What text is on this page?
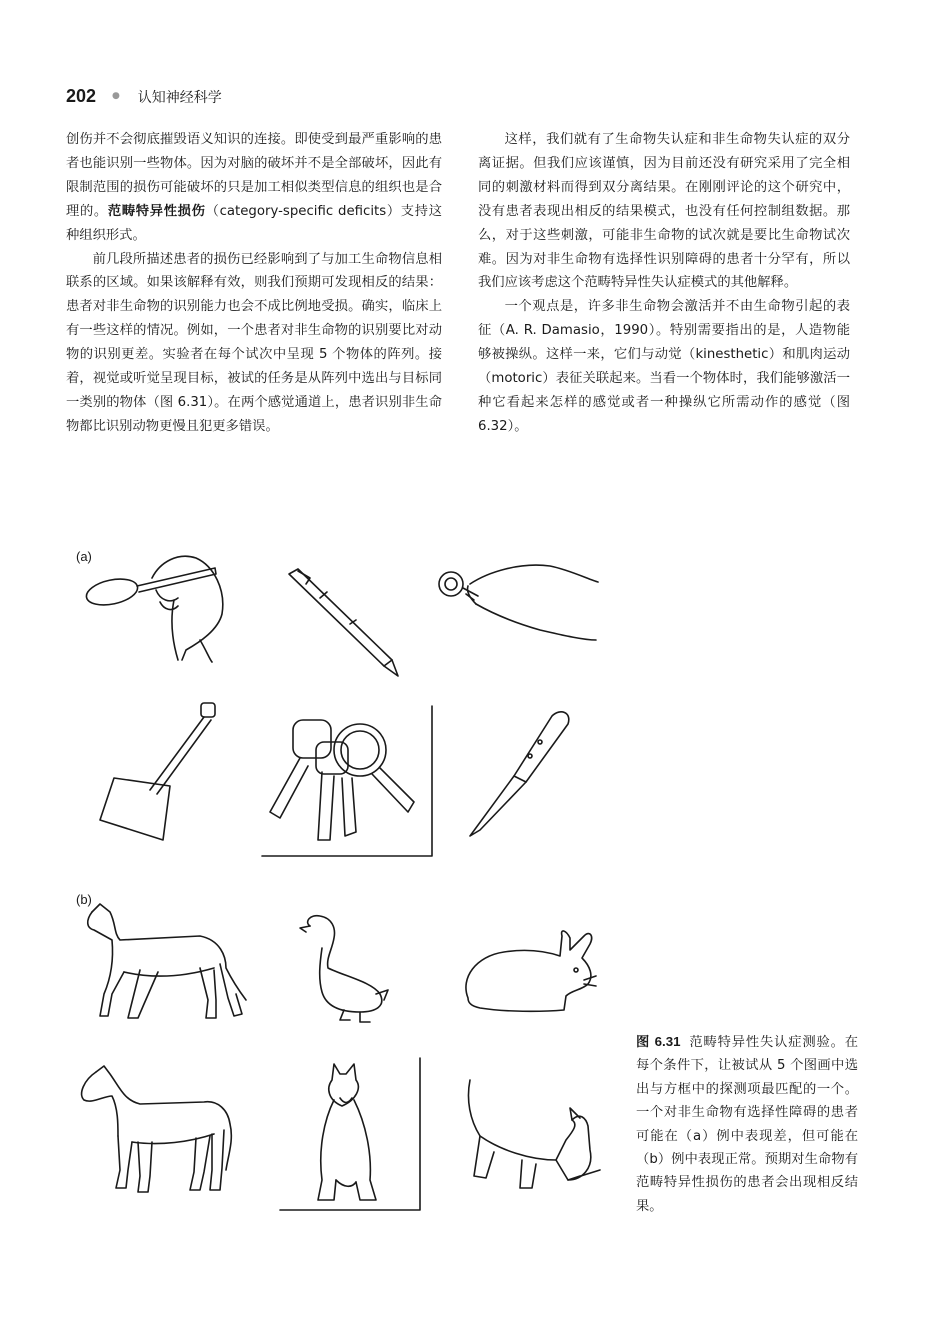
202 ● 认知神经科学

创伤并不会彻底摧毁语义知识的连接。即使受到最严重影响的患者也能识别一些物体。因为对脑的破坏并不是全部破坏，因此有限制范围的损伤可能破坏的只是加工相似类型信息的组织也是合理的。范畴特异性损伤（category-specific deficits）支持这种组织形式。

前几段所描述患者的损伤已经影响到了与加工生命物信息相联系的区域。如果该解释有效，则我们预期可发现相反的结果：患者对非生命物的识别能力也会不成比例地受损。确实，临床上有一些这样的情况。例如，一个患者对非生命物的识别要比对动物的识别更差。实验者在每个试次中呈现 5 个物体的阵列。接着，视觉或听觉呈现目标，被试的任务是从阵列中选出与目标同一类别的物体（图 6.31）。在两个感觉通道上，患者识别非生命物都比识别动物更慢且犯更多错误。

这样，我们就有了生命物失认症和非生命物失认症的双分离证据。但我们应该谨慎，因为目前还没有研究采用了完全相同的刺激材料而得到双分离结果。在刚刚评论的这个研究中，没有患者表现出相反的结果模式，也没有任何控制组数据。那么，对于这些刺激，可能非生命物的试次就是要比生命物试次难。因为对非生命物有选择性识别障碍的患者十分罕有，所以我们应该考虑这个范畴特异性失认症模式的其他解释。

一个观点是，许多非生命物会激活并不由生命物引起的表征（A. R. Damasio，1990）。特别需要指出的是，人造物能够被操纵。这样一来，它们与动觉（kinesthetic）和肌肉运动（motoric）表征关联起来。当看一个物体时，我们能够激活一种它看起来怎样的感觉或者一种操纵它所需动作的感觉（图 6.32）。

(a)
(b)
图 6.31 范畴特异性失认症测验。在每个条件下，让被试从 5 个图画中选出与方框中的探测项最匹配的一个。一个对非生命物有选择性障碍的患者可能在（a）例中表现差，但可能在（b）例中表现正常。预期对生命物有范畴特异性损伤的患者会出现相反结果。
